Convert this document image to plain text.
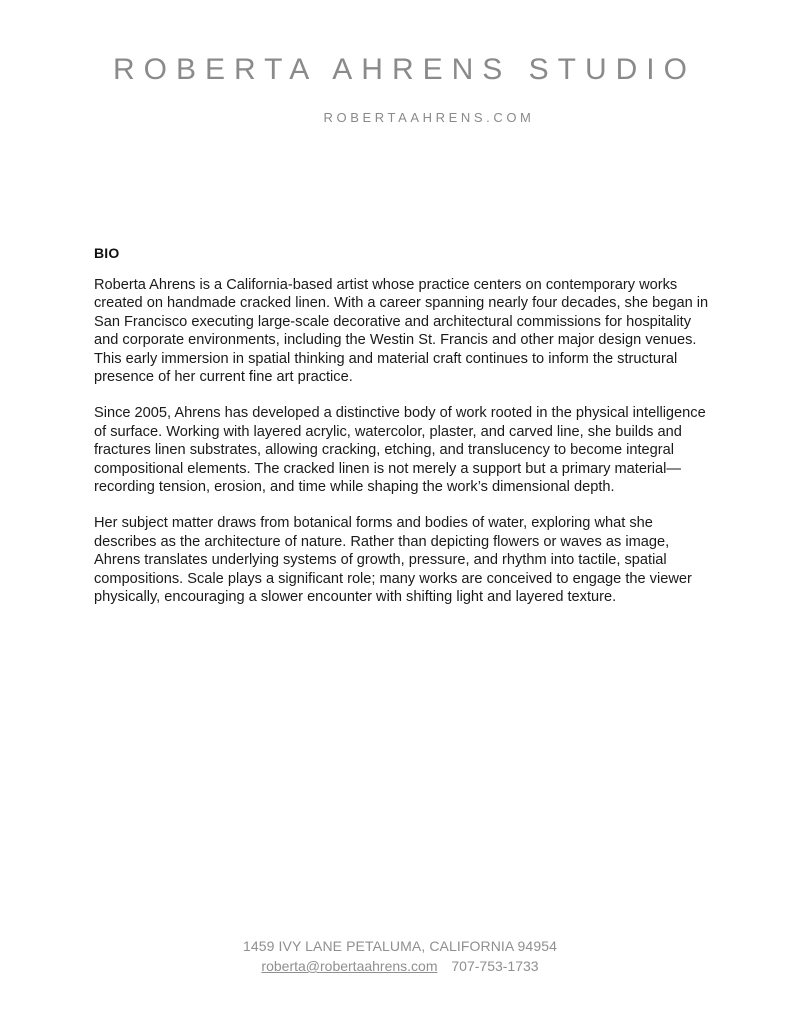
ROBERTA AHRENS STUDIO
ROBERTAAHRENS.COM
BIO

Roberta Ahrens is a California-based artist whose practice centers on contemporary works created on handmade cracked linen. With a career spanning nearly four decades, she began in San Francisco executing large-scale decorative and architectural commissions for hospitality and corporate environments, including the Westin St. Francis and other major design venues. This early immersion in spatial thinking and material craft continues to inform the structural presence of her current fine art practice.

Since 2005, Ahrens has developed a distinctive body of work rooted in the physical intelligence of surface. Working with layered acrylic, watercolor, plaster, and carved line, she builds and fractures linen substrates, allowing cracking, etching, and translucency to become integral compositional elements. The cracked linen is not merely a support but a primary material—recording tension, erosion, and time while shaping the work’s dimensional depth.

Her subject matter draws from botanical forms and bodies of water, exploring what she describes as the architecture of nature. Rather than depicting flowers or waves as image, Ahrens translates underlying systems of growth, pressure, and rhythm into tactile, spatial compositions. Scale plays a significant role; many works are conceived to engage the viewer physically, encouraging a slower encounter with shifting light and layered texture.

1459 IVY LANE PETALUMA, CALIFORNIA 94954
roberta@robertaahrens.com 707-753-1733
